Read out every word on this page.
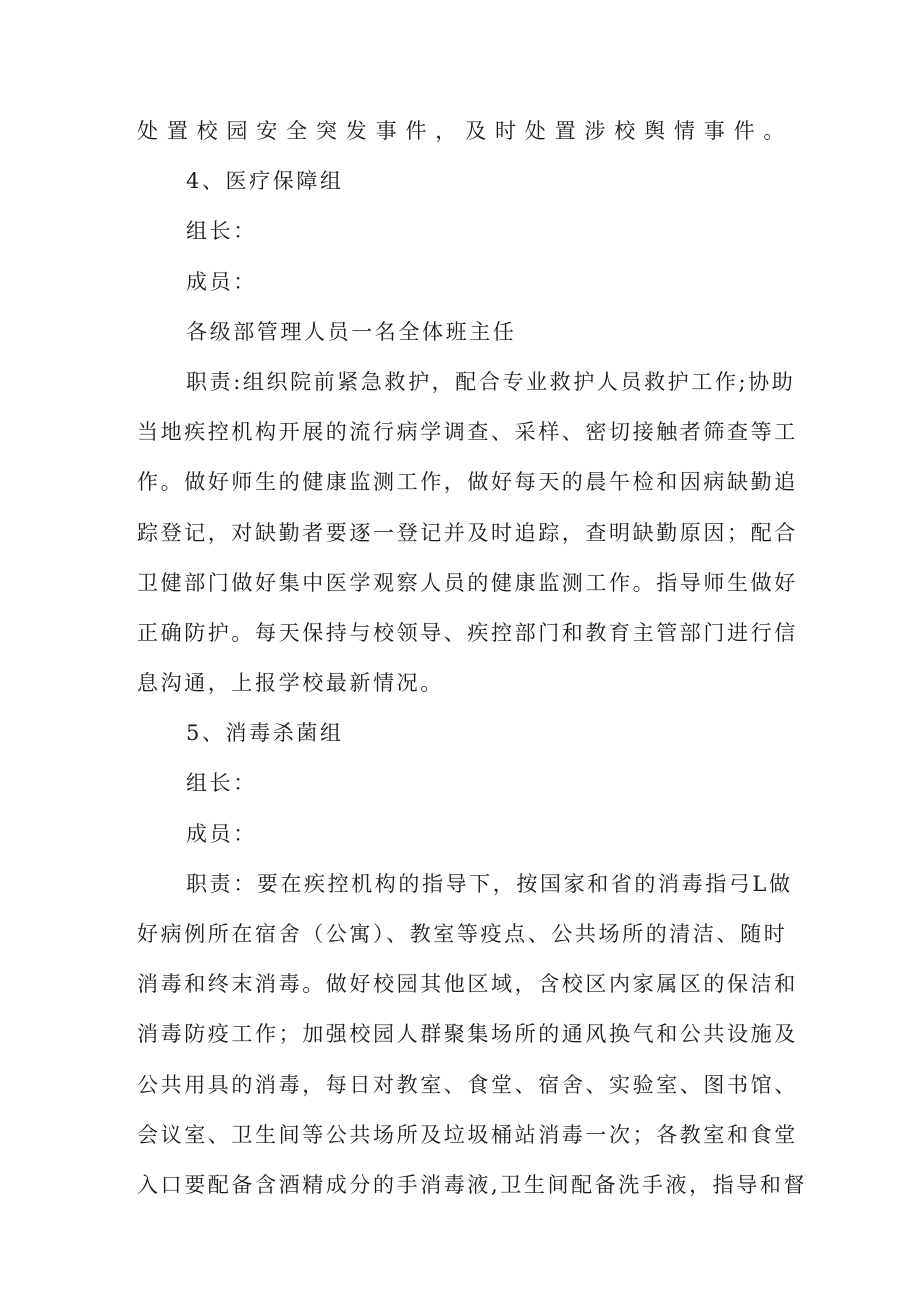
处置校园安全突发事件，及时处置涉校舆情事件。
4、医疗保障组
组长：
成员：
各级部管理人员一名全体班主任
职责:组织院前紧急救护，配合专业救护人员救护工作;协助
当地疾控机构开展的流行病学调查、采样、密切接触者筛查等工
作。做好师生的健康监测工作，做好每天的晨午检和因病缺勤追
踪登记，对缺勤者要逐一登记并及时追踪，查明缺勤原因；配合
卫健部门做好集中医学观察人员的健康监测工作。指导师生做好
正确防护。每天保持与校领导、疾控部门和教育主管部门进行信
息沟通，上报学校最新情况。
5、消毒杀菌组
组长：
成员：
职责：要在疾控机构的指导下，按国家和省的消毒指弓L做
好病例所在宿舍（公寓）、教室等疫点、公共场所的清洁、随时
消毒和终末消毒。做好校园其他区域，含校区内家属区的保洁和
消毒防疫工作；加强校园人群聚集场所的通风换气和公共设施及
公共用具的消毒，每日对教室、食堂、宿舍、实验室、图书馆、
会议室、卫生间等公共场所及垃圾桶站消毒一次；各教室和食堂
入口要配备含酒精成分的手消毒液,卫生间配备洗手液，指导和督
